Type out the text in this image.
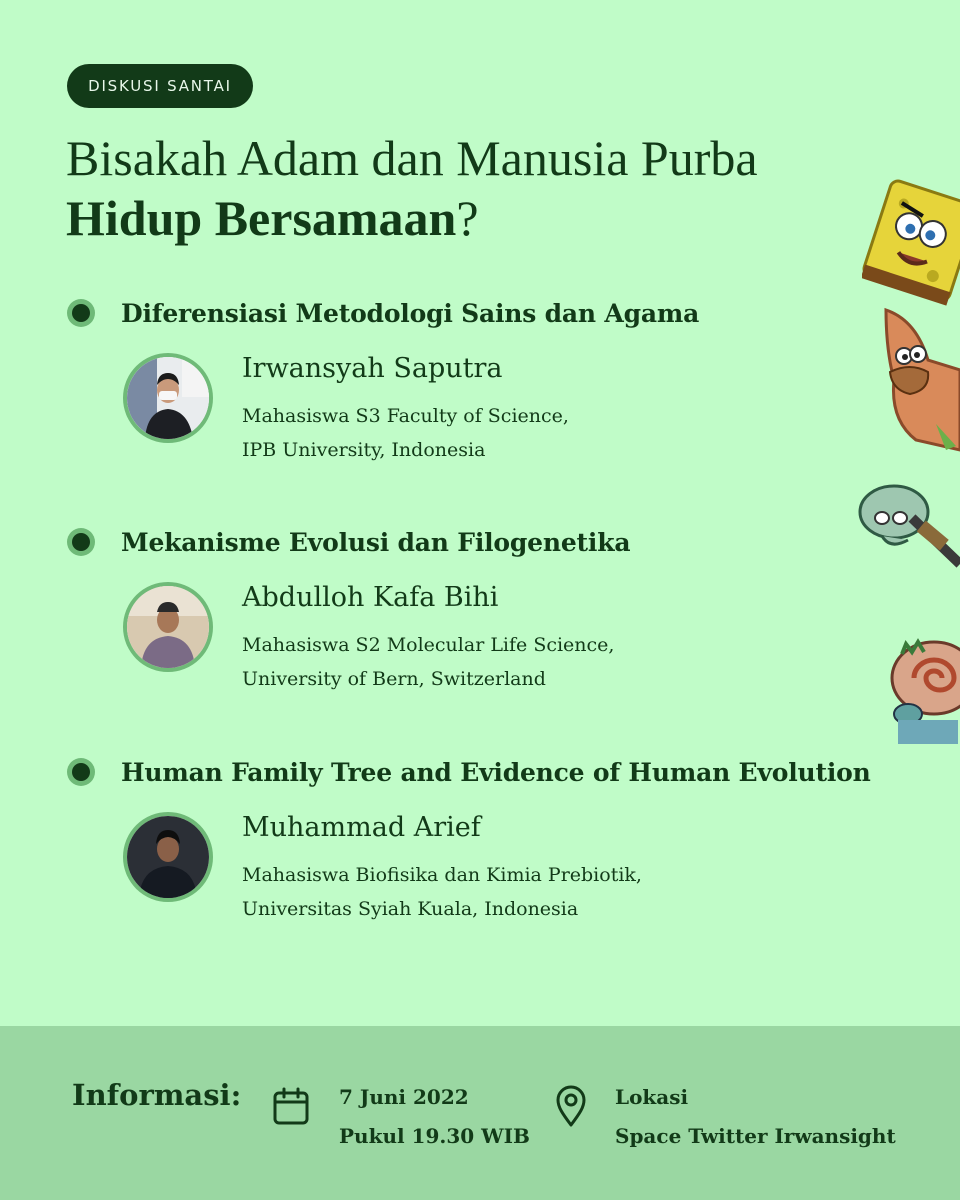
DISKUSI SANTAI
Bisakah Adam dan Manusia Purba
Hidup Bersamaan?
Diferensiasi Metodologi Sains dan Agama
Irwansyah Saputra
Mahasiswa S3 Faculty of Science,
IPB University, Indonesia
Mekanisme Evolusi dan Filogenetika
Abdulloh Kafa Bihi
Mahasiswa S2 Molecular Life Science,
University of Bern, Switzerland
Human Family Tree and Evidence of Human Evolution
Muhammad Arief
Mahasiswa Biofisika dan Kimia Prebiotik,
Universitas Syiah Kuala, Indonesia
Informasi:	7 Juni 2022
Pukul 19.30 WIB
Lokasi
Space Twitter Irwansight
